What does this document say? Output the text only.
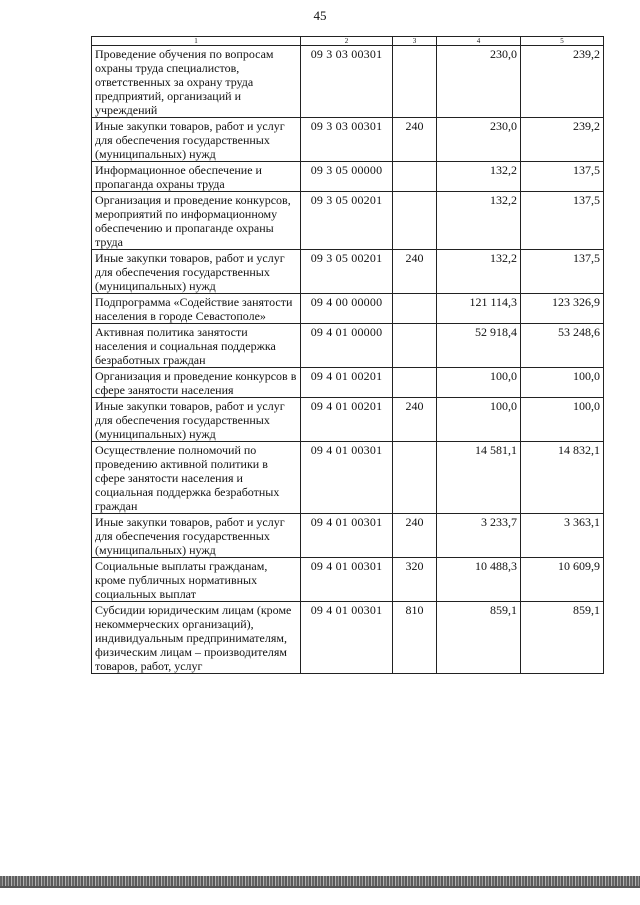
45
1	2	3	4	5
Проведение обучения по вопросам охраны труда специалистов, ответственных за охрану труда предприятий, организаций и учреждений	09 3 03 00301		230,0	239,2
Иные закупки товаров, работ и услуг для обеспечения государственных (муниципальных) нужд	09 3 03 00301	240	230,0	239,2
Информационное обеспечение и пропаганда охраны труда	09 3 05 00000		132,2	137,5
Организация и проведение конкурсов, мероприятий по информационному обеспечению и пропаганде охраны труда	09 3 05 00201		132,2	137,5
Иные закупки товаров, работ и услуг для обеспечения государственных (муниципальных) нужд	09 3 05 00201	240	132,2	137,5
Подпрограмма «Содействие занятости населения в городе Севастополе»	09 4 00 00000		121 114,3	123 326,9
Активная политика занятости населения и социальная поддержка безработных граждан	09 4 01 00000		52 918,4	53 248,6
Организация и проведение конкурсов в сфере занятости населения	09 4 01 00201		100,0	100,0
Иные закупки товаров, работ и услуг для обеспечения государственных (муниципальных) нужд	09 4 01 00201	240	100,0	100,0
Осуществление полномочий по проведению активной политики в сфере занятости населения и социальная поддержка безработных граждан	09 4 01 00301		14 581,1	14 832,1
Иные закупки товаров, работ и услуг для обеспечения государственных (муниципальных) нужд	09 4 01 00301	240	3 233,7	3 363,1
Социальные выплаты гражданам, кроме публичных нормативных социальных выплат	09 4 01 00301	320	10 488,3	10 609,9
Субсидии юридическим лицам (кроме некоммерческих организаций), индивидуальным предпринимателям, физическим лицам – производителям товаров, работ, услуг	09 4 01 00301	810	859,1	859,1
